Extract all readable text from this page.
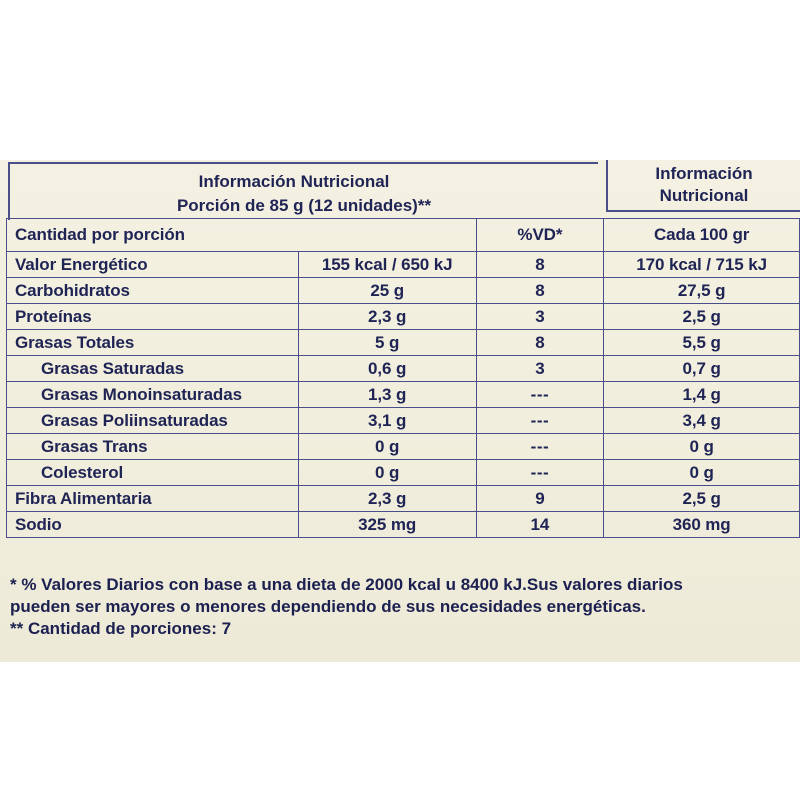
Información Nutricional
Porción de 85 g (12 unidades)**
Información
Nutricional
Cantidad por porción		%VD*	Cada 100 gr
Valor Energético	155 kcal / 650 kJ	8	170 kcal / 715 kJ
Carbohidratos	25 g	8	27,5 g
Proteínas	2,3 g	3	2,5 g
Grasas Totales	5 g	8	5,5 g
Grasas Saturadas	0,6 g	3	0,7 g
Grasas Monoinsaturadas	1,3 g	---	1,4 g
Grasas Poliinsaturadas	3,1 g	---	3,4 g
Grasas Trans	0 g	---	0 g
Colesterol	0 g	---	0 g
Fibra Alimentaria	2,3 g	9	2,5 g
Sodio	325 mg	14	360 mg
* % Valores Diarios con base a una dieta de 2000 kcal u 8400 kJ.Sus valores diarios
pueden ser mayores o menores dependiendo de sus necesidades energéticas.
** Cantidad de porciones: 7
